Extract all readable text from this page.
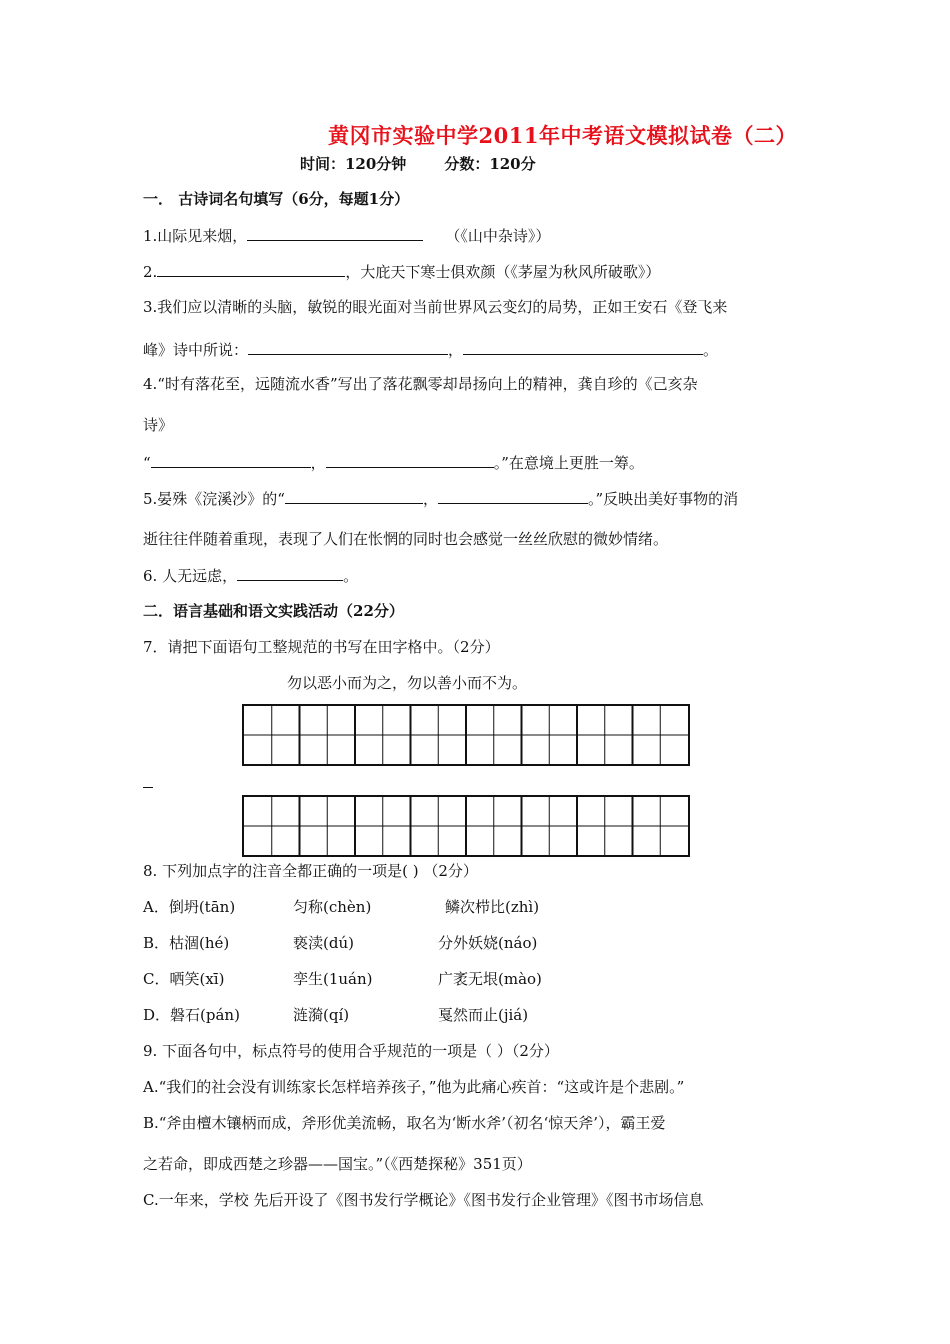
黄冈市实验中学2011年中考语文模拟试卷（二）
时间：120分钟	分数：120分
一． 古诗词名句填写（6分，每题1分）
1.山际见来烟，	（《山中杂诗》）
2.	，大庇天下寒士俱欢颜（《茅屋为秋风所破歌》）
3.我们应以清晰的头脑，敏锐的眼光面对当前世界风云变幻的局势，正如王安石《登飞来
峰》诗中所说：	，	。
4.“时有落花至，远随流水香”写出了落花飘零却昂扬向上的精神，龚自珍的《己亥杂
诗》
“	，	。”在意境上更胜一筹。
5.晏殊《浣溪沙》的“	，	。”反映出美好事物的消
逝往往伴随着重现，表现了人们在怅惘的同时也会感觉一丝丝欣慰的微妙情绪。
6. 人无远虑，	。
二．语言基础和语文实践活动（22分）
7．请把下面语句工整规范的书写在田字格中。（2分）
勿以恶小而为之，勿以善小而不为。
8. 下列加点字的注音全都正确的一项是( ) （2分）
A．倒坍(tān)	匀称(chèn)	鳞次栉比(zhì)
B．枯涸(hé)	亵渎(dú)	分外妖娆(náo)
C．哂笑(xī)	孪生(1uán)	广袤无垠(mào)
D．磐石(pán)	涟漪(qí)	戛然而止(jiá)
9. 下面各句中，标点符号的使用合乎规范的一项是（ ）（2分）
A.“我们的社会没有训练家长怎样培养孩子，”他为此痛心疾首：“这或许是个悲剧。”
B.“斧由檀木镶柄而成，斧形优美流畅，取名为‘断水斧’（初名‘惊天斧’），霸王爱
之若命，即成西楚之珍器——国宝。”（《西楚探秘》351页）
C.一年来，学校 先后开设了《图书发行学概论》《图书发行企业管理》《图书市场信息
